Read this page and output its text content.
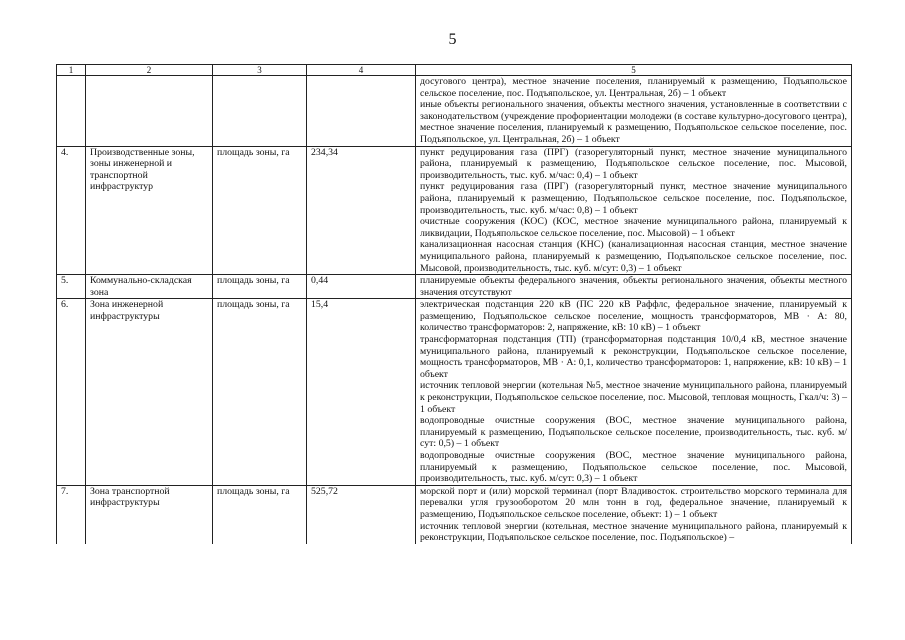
5
1	2	3	4	5

				досугового центра), местное значение поселения, планируемый к размещению, Подъяпольское сельское поселение, пос. Подъяпольское, ул. Центральная, 2б) – 1 объект
иные объекты регионального значения, объекты местного значения, установленные в соответствии с законодательством (учреждение профориентации молодежи (в составе культурно-досугового центра), местное значение поселения, планируемый к размещению, Подъяпольское сельское поселение, пос. Подъяпольское, ул. Центральная, 2б) – 1 объект

4.	Производственные зоны, зоны инженерной и транспортной инфраструктур	площадь зоны, га	234,34	пункт редуцирования газа (ПРГ) (газорегуляторный пункт, местное значение муниципального района, планируемый к размещению, Подъяпольское сельское поселение, пос. Мысовой, производительность, тыс. куб. м/час: 0,4) – 1 объект
пункт редуцирования газа (ПРГ) (газорегуляторный пункт, местное значение муниципального района, планируемый к размещению, Подъяпольское сельское поселение, пос. Подъяпольское, производительность, тыс. куб. м/час: 0,8) – 1 объект
очистные сооружения (КОС) (КОС, местное значение муниципального района, планируемый к ликвидации, Подъяпольское сельское поселение, пос. Мысовой) – 1 объект
канализационная насосная станция (КНС) (канализационная насосная станция, местное значение муниципального района, планируемый к размещению, Подъяпольское сельское поселение, пос. Мысовой, производительность, тыс. куб. м/сут: 0,3) – 1 объект

5.	Коммунально-складская зона	площадь зоны, га	0,44	планируемые объекты федерального значения, объекты регионального значения, объекты местного значения отсутствуют

6.	Зона инженерной инфраструктуры	площадь зоны, га	15,4	электрическая подстанция 220 кВ (ПС 220 кВ Раффлс, федеральное значение, планируемый к размещению, Подъяпольское сельское поселение, мощность трансформаторов, МВ · А: 80, количество трансформаторов: 2, напряжение, кВ: 10 кВ) – 1 объект
трансформаторная подстанция (ТП) (трансформаторная подстанция 10/0,4 кВ, местное значение муниципального района, планируемый к реконструкции, Подъяпольское сельское поселение, мощность трансформаторов, МВ · А: 0,1, количество трансформаторов: 1, напряжение, кВ: 10 кВ) – 1 объект
источник тепловой энергии (котельная №5, местное значение муниципального района, планируемый к реконструкции, Подъяпольское сельское поселение, пос. Мысовой, тепловая мощность, Гкал/ч: 3) – 1 объект
водопроводные очистные сооружения (ВОС, местное значение муниципального района, планируемый к размещению, Подъяпольское сельское поселение, производительность, тыс. куб. м/сут: 0,5) – 1 объект
водопроводные очистные сооружения (ВОС, местное значение муниципального района, планируемый к размещению, Подъяпольское сельское поселение, пос. Мысовой, производительность, тыс. куб. м/сут: 0,3) – 1 объект

7.	Зона транспортной инфраструктуры	площадь зоны, га	525,72	морской порт и (или) морской терминал (порт Владивосток. строительство морского терминала для перевалки угля грузооборотом 20 млн тонн в год, федеральное значение, планируемый к размещению, Подъяпольское сельское поселение, объект: 1) – 1 объект
источник тепловой энергии (котельная, местное значение муниципального района, планируемый к реконструкции, Подъяпольское сельское поселение, пос. Подъяпольское) –
